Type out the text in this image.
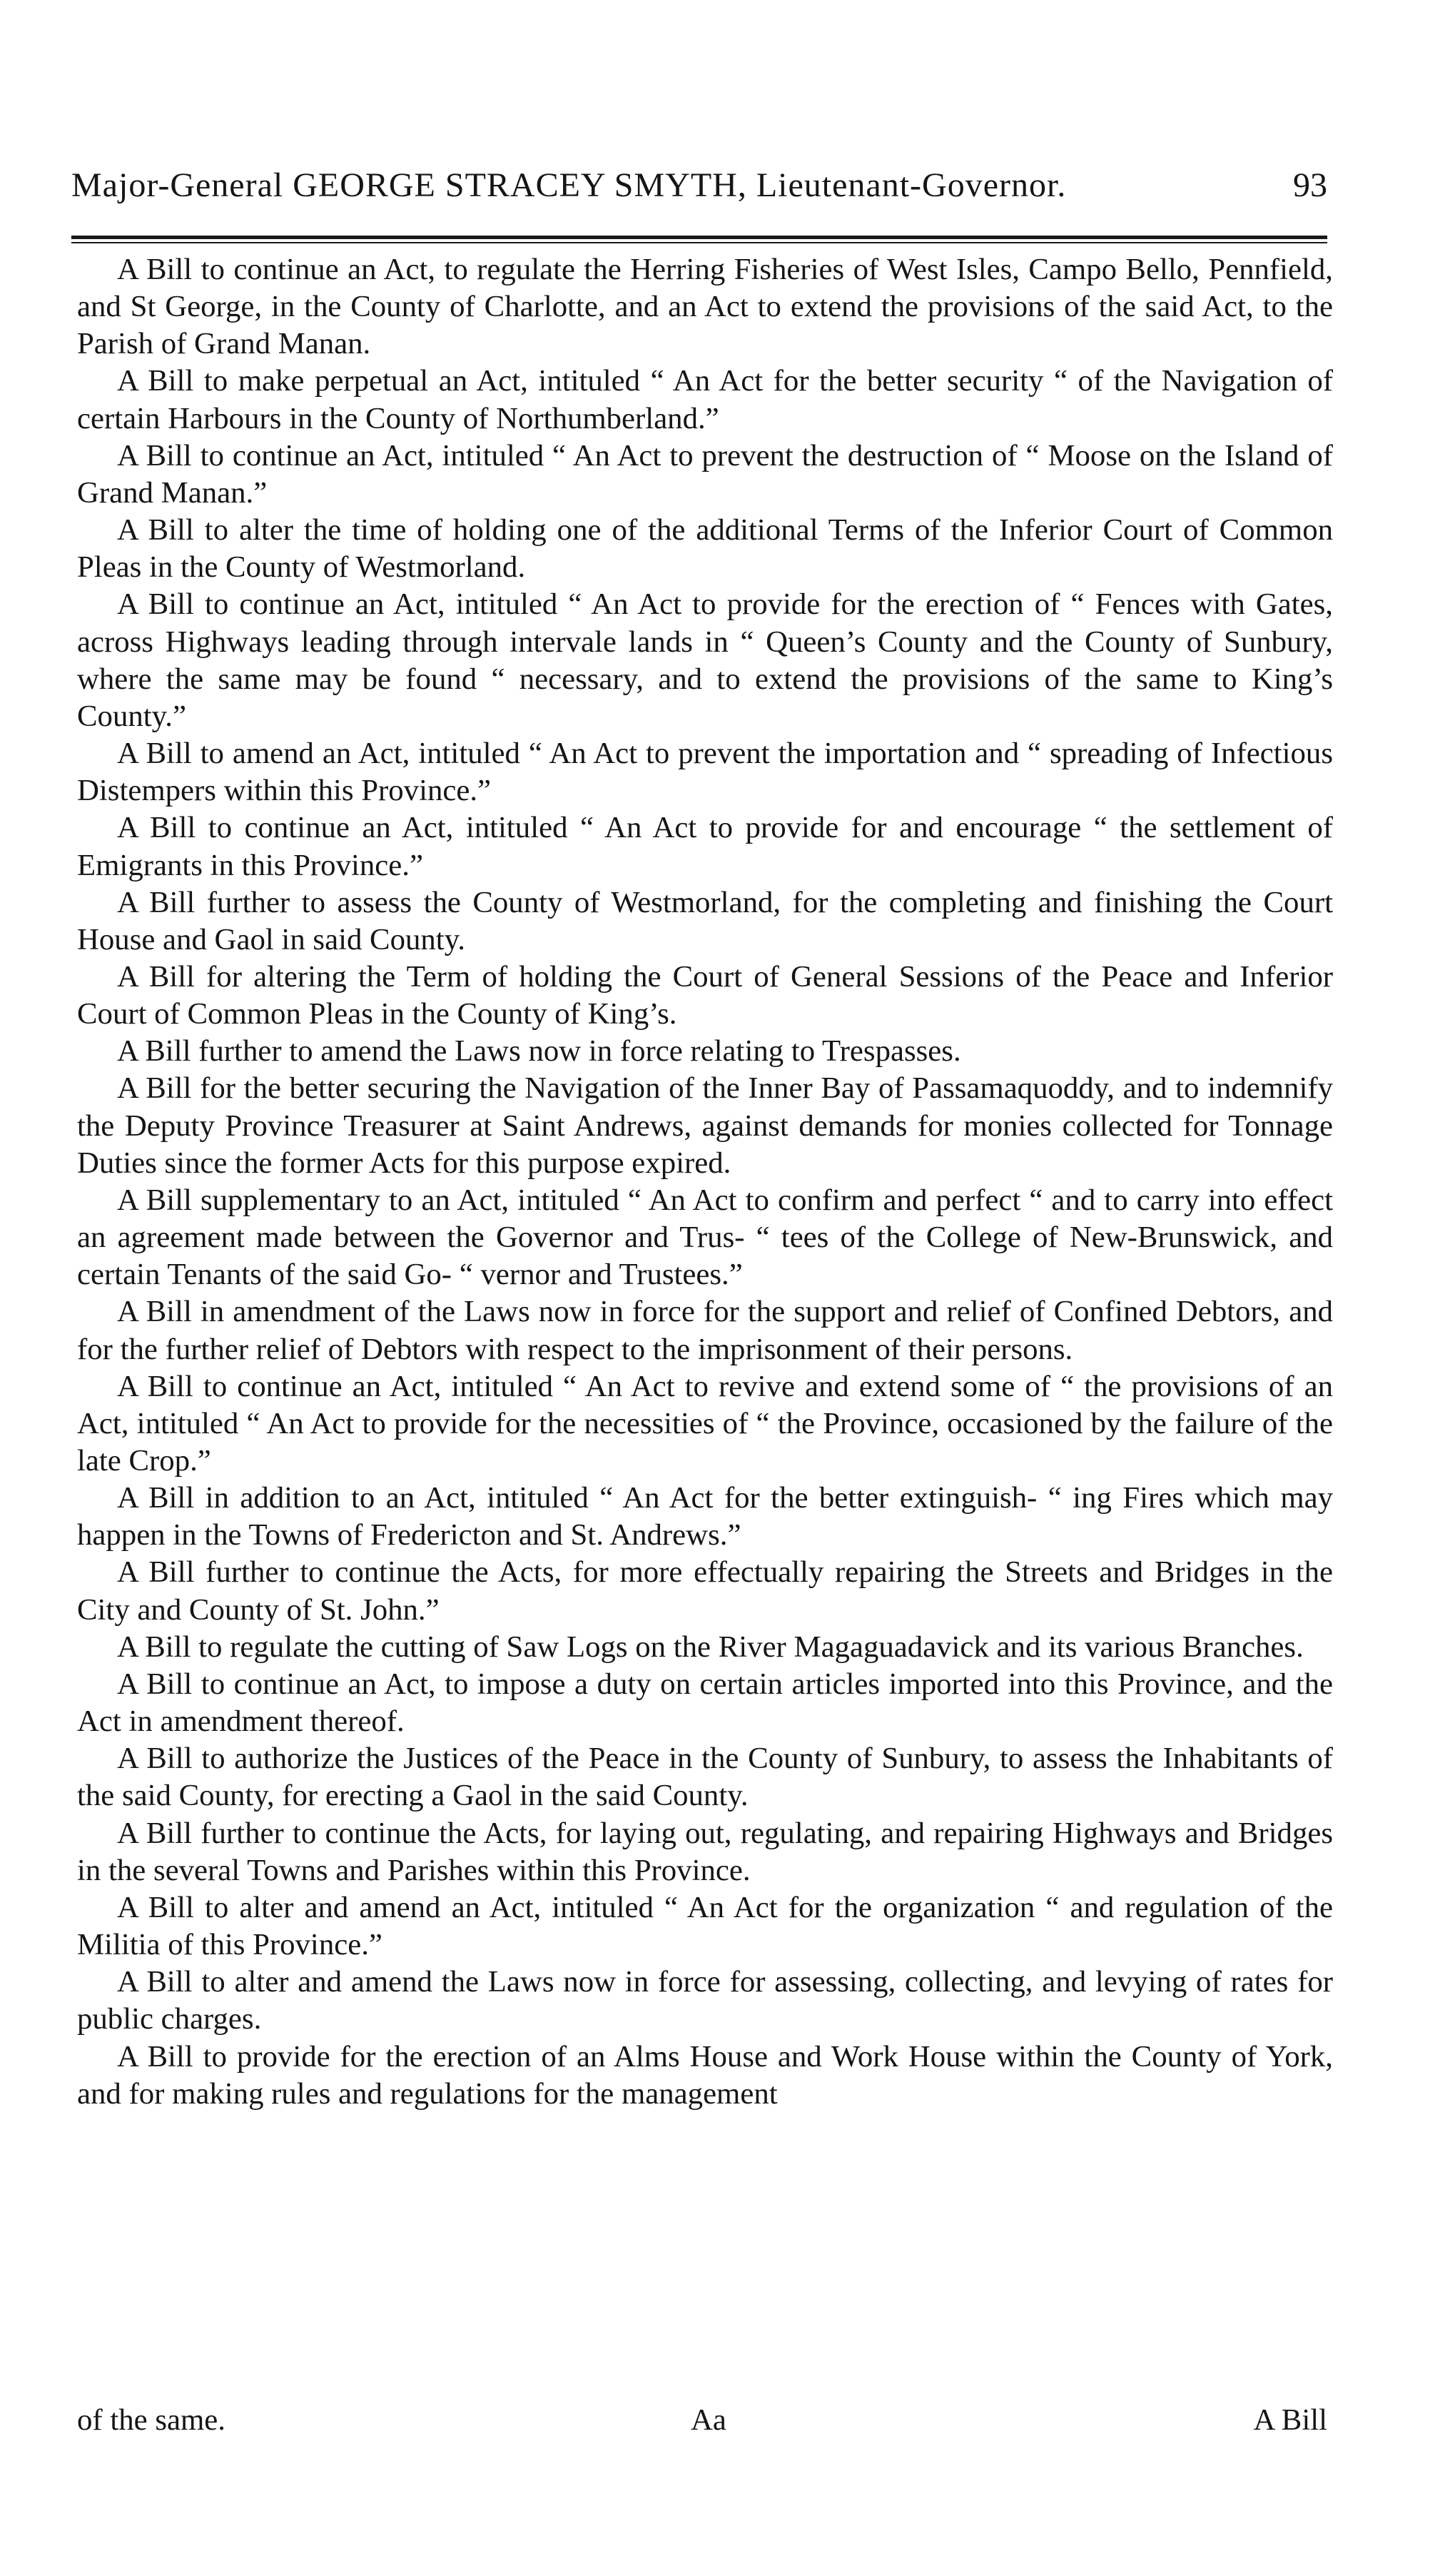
Major-General GEORGE STRACEY SMYTH, Lieutenant-Governor.	93

A Bill to continue an Act, to regulate the Herring Fisheries of West Isles, Campo Bello, Pennfield, and St George, in the County of Charlotte, and an Act to extend the provisions of the said Act, to the Parish of Grand Manan.

A Bill to make perpetual an Act, intituled “ An Act for the better security “ of the Navigation of certain Harbours in the County of Northumberland.”

A Bill to continue an Act, intituled “ An Act to prevent the destruction of “ Moose on the Island of Grand Manan.”

A Bill to alter the time of holding one of the additional Terms of the Inferior Court of Common Pleas in the County of Westmorland.

A Bill to continue an Act, intituled “ An Act to provide for the erection of “ Fences with Gates, across Highways leading through intervale lands in “ Queen’s County and the County of Sunbury, where the same may be found “ necessary, and to extend the provisions of the same to King’s County.”

A Bill to amend an Act, intituled “ An Act to prevent the importation and “ spreading of Infectious Distempers within this Province.”

A Bill to continue an Act, intituled “ An Act to provide for and encourage “ the settlement of Emigrants in this Province.”

A Bill further to assess the County of Westmorland, for the completing and finishing the Court House and Gaol in said County.

A Bill for altering the Term of holding the Court of General Sessions of the Peace and Inferior Court of Common Pleas in the County of King’s.

A Bill further to amend the Laws now in force relating to Trespasses.

A Bill for the better securing the Navigation of the Inner Bay of Passamaquoddy, and to indemnify the Deputy Province Treasurer at Saint Andrews, against demands for monies collected for Tonnage Duties since the former Acts for this purpose expired.

A Bill supplementary to an Act, intituled “ An Act to confirm and perfect “ and to carry into effect an agreement made between the Governor and Trus- “ tees of the College of New-Brunswick, and certain Tenants of the said Go- “ vernor and Trustees.”

A Bill in amendment of the Laws now in force for the support and relief of Confined Debtors, and for the further relief of Debtors with respect to the imprisonment of their persons.

A Bill to continue an Act, intituled “ An Act to revive and extend some of “ the provisions of an Act, intituled “ An Act to provide for the necessities of “ the Province, occasioned by the failure of the late Crop.”

A Bill in addition to an Act, intituled “ An Act for the better extinguish- “ ing Fires which may happen in the Towns of Fredericton and St. Andrews.”

A Bill further to continue the Acts, for more effectually repairing the Streets and Bridges in the City and County of St. John.”

A Bill to regulate the cutting of Saw Logs on the River Magaguadavick and its various Branches.

A Bill to continue an Act, to impose a duty on certain articles imported into this Province, and the Act in amendment thereof.

A Bill to authorize the Justices of the Peace in the County of Sunbury, to assess the Inhabitants of the said County, for erecting a Gaol in the said County.

A Bill further to continue the Acts, for laying out, regulating, and repairing Highways and Bridges in the several Towns and Parishes within this Province.

A Bill to alter and amend an Act, intituled “ An Act for the organization “ and regulation of the Militia of this Province.”

A Bill to alter and amend the Laws now in force for assessing, collecting, and levying of rates for public charges.

A Bill to provide for the erection of an Alms House and Work House within the County of York, and for making rules and regulations for the management

of the same.	Aa	A Bill
